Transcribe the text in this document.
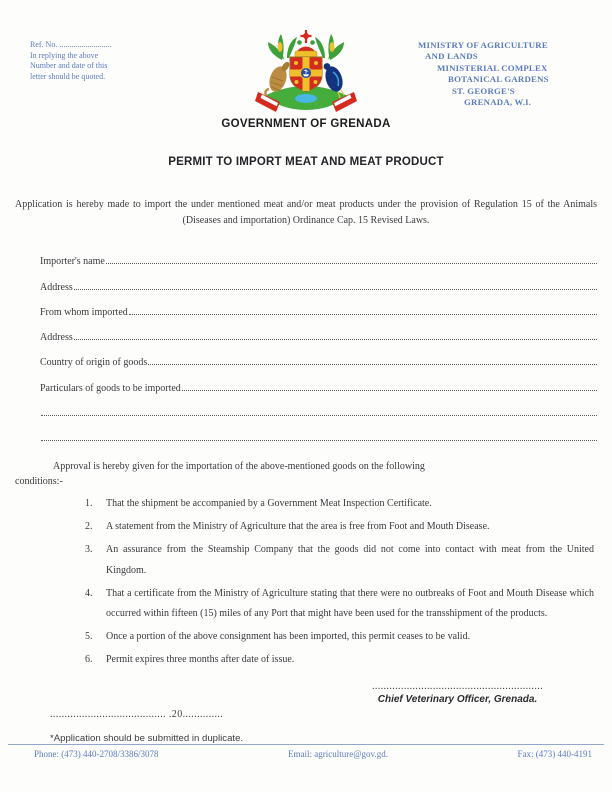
Ref. No. ..........................
In replying the above
Number and date of this
letter should be quoted.
GOVERNMENT OF GRENADA
MINISTRY OF AGRICULTURE
AND LANDS
MINISTERIAL COMPLEX
BOTANICAL GARDENS
ST. GEORGE'S
GRENADA, W.I.
PERMIT TO IMPORT MEAT AND MEAT PRODUCT

Application is hereby made to import the under mentioned meat and/or meat products under the provision of Regulation 15 of the Animals (Diseases and importation) Ordinance Cap. 15 Revised Laws.

Importer's name
Address
From whom imported
Address
Country of origin of goods
Particulars of goods to be imported
Approval is hereby given for the importation of the above-mentioned goods on the following
conditions:-
1.	That the shipment be accompanied by a Government Meat Inspection Certificate.
2.	A statement from the Ministry of Agriculture that the area is free from Foot and Mouth Disease.
3.	An assurance from the Steamship Company that the goods did not come into contact with meat from the United Kingdom.
4.	That a certificate from the Ministry of Agriculture stating that there were no outbreaks of Foot and Mouth Disease which occurred within fifteen (15) miles of any Port that might have been used for the transshipment of the products.
5.	Once a portion of the above consignment has been imported, this permit ceases to be valid.
6.	Permit expires three months after date of issue.
...........................................................
Chief Veterinary Officer, Grenada.
........................................ .20..............
*Application should be submitted in duplicate.
Phone: (473) 440-2708/3386/3078	Email: agriculture@gov.gd.	Fax: (473) 440-4191
